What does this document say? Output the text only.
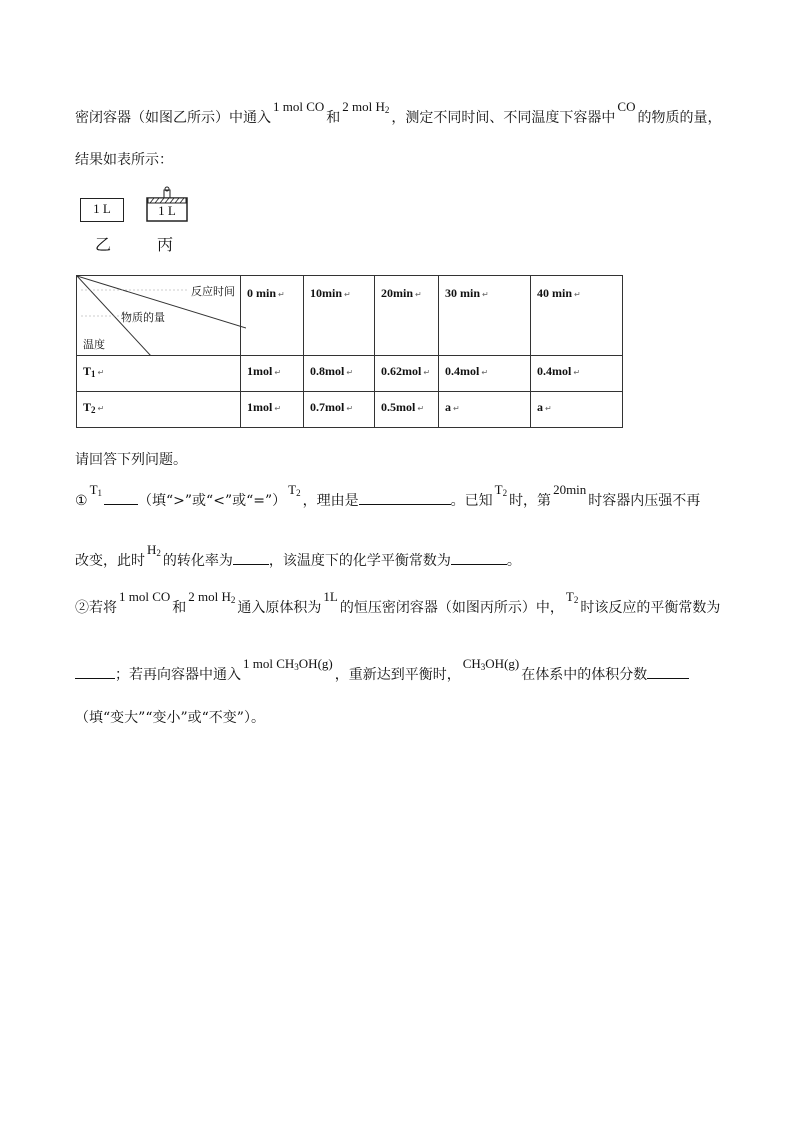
密闭容器（如图乙所示）中通入1 mol CO和2 mol $H_2$ ，测定不同时间、不同温度下容器中CO的物质的量，
结果如表所示：
1 L	1 L
乙	丙
反应时间
物质的量
温度	0 min ↵	10min ↵	20min ↵	30 min ↵	40 min ↵
$T_1$ ↵	1mol ↵	0.8mol ↵	0.62mol ↵	0.4mol ↵	0.4mol ↵
$T_2$ ↵	1mol ↵	0.7mol ↵	0.5mol ↵	a ↵	a ↵
请回答下列问题。
$①T_1$	（填“>”或“<”或“$=”)T_2$ ，理由是	。已知$T_2$ 时，第20min时容器内压强不再
改变，此时$H_2$ 的转化率为	，该温度下的化学平衡常数为	。
②若将1 mol CO和2 mol $H_2$ 通入原体积为1L的恒压密闭容器（如图丙所示）中，$T_2$ 时该反应的平衡常数为
；若再向容器中通入1 mol $CH_3OH(g)$，重新达到平衡时，$CH_3OH(g)$在体系中的体积分数
（填“变大”“变小”或“不变”）。
